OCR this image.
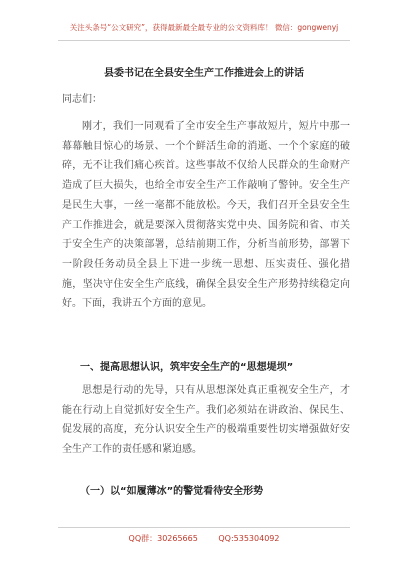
关注头条号“公文研究”，获得最新最全最专业的公文资料库！ 微信：gongwenyj
县委书记在全县安全生产工作推进会上的讲话
同志们：
刚才，我们一同观看了全市安全生产事故短片，短片中那一幕幕触目惊心的场景、一个个鲜活生命的消逝、一个个家庭的破碎，无不让我们痛心疾首。这些事故不仅给人民群众的生命财产造成了巨大损失，也给全市安全生产工作敲响了警钟。安全生产是民生大事，一丝一毫都不能放松。今天，我们召开全县安全生产工作推进会，就是要深入贯彻落实党中央、国务院和省、市关于安全生产的决策部署，总结前期工作，分析当前形势，部署下一阶段任务动员全县上下进一步统一思想、压实责任、强化措施，坚决守住安全生产底线，确保全县安全生产形势持续稳定向好。下面，我讲五个方面的意见。
一、提高思想认识，筑牢安全生产的“思想堤坝”
思想是行动的先导，只有从思想深处真正重视安全生产，才能在行动上自觉抓好安全生产。我们必须站在讲政治、保民生、促发展的高度，充分认识安全生产的极端重要性切实增强做好安全生产工作的责任感和紧迫感。
（一）以“如履薄冰”的警觉看待安全形势
QQ群：30265665	QQ:535304092
